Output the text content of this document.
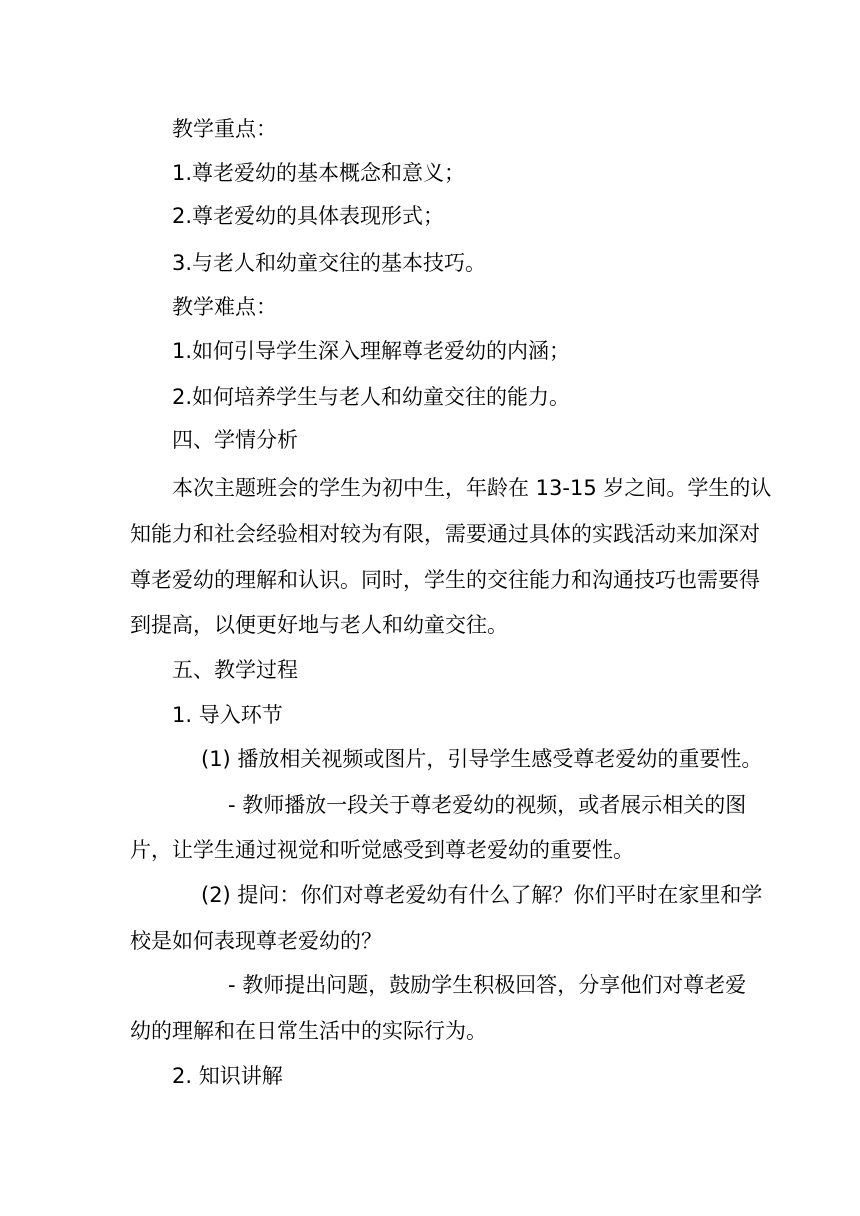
教学重点：
1.尊老爱幼的基本概念和意义；
2.尊老爱幼的具体表现形式；
3.与老人和幼童交往的基本技巧。
教学难点：
1.如何引导学生深入理解尊老爱幼的内涵；
2.如何培养学生与老人和幼童交往的能力。
四、学情分析
本次主题班会的学生为初中生，年龄在 13-15 岁之间。学生的认
知能力和社会经验相对较为有限，需要通过具体的实践活动来加深对
尊老爱幼的理解和认识。同时，学生的交往能力和沟通技巧也需要得
到提高，以便更好地与老人和幼童交往。
五、教学过程
1. 导入环节
(1) 播放相关视频或图片，引导学生感受尊老爱幼的重要性。
- 教师播放一段关于尊老爱幼的视频，或者展示相关的图
片，让学生通过视觉和听觉感受到尊老爱幼的重要性。
(2) 提问：你们对尊老爱幼有什么了解？你们平时在家里和学
校是如何表现尊老爱幼的？
- 教师提出问题，鼓励学生积极回答，分享他们对尊老爱
幼的理解和在日常生活中的实际行为。
2. 知识讲解
